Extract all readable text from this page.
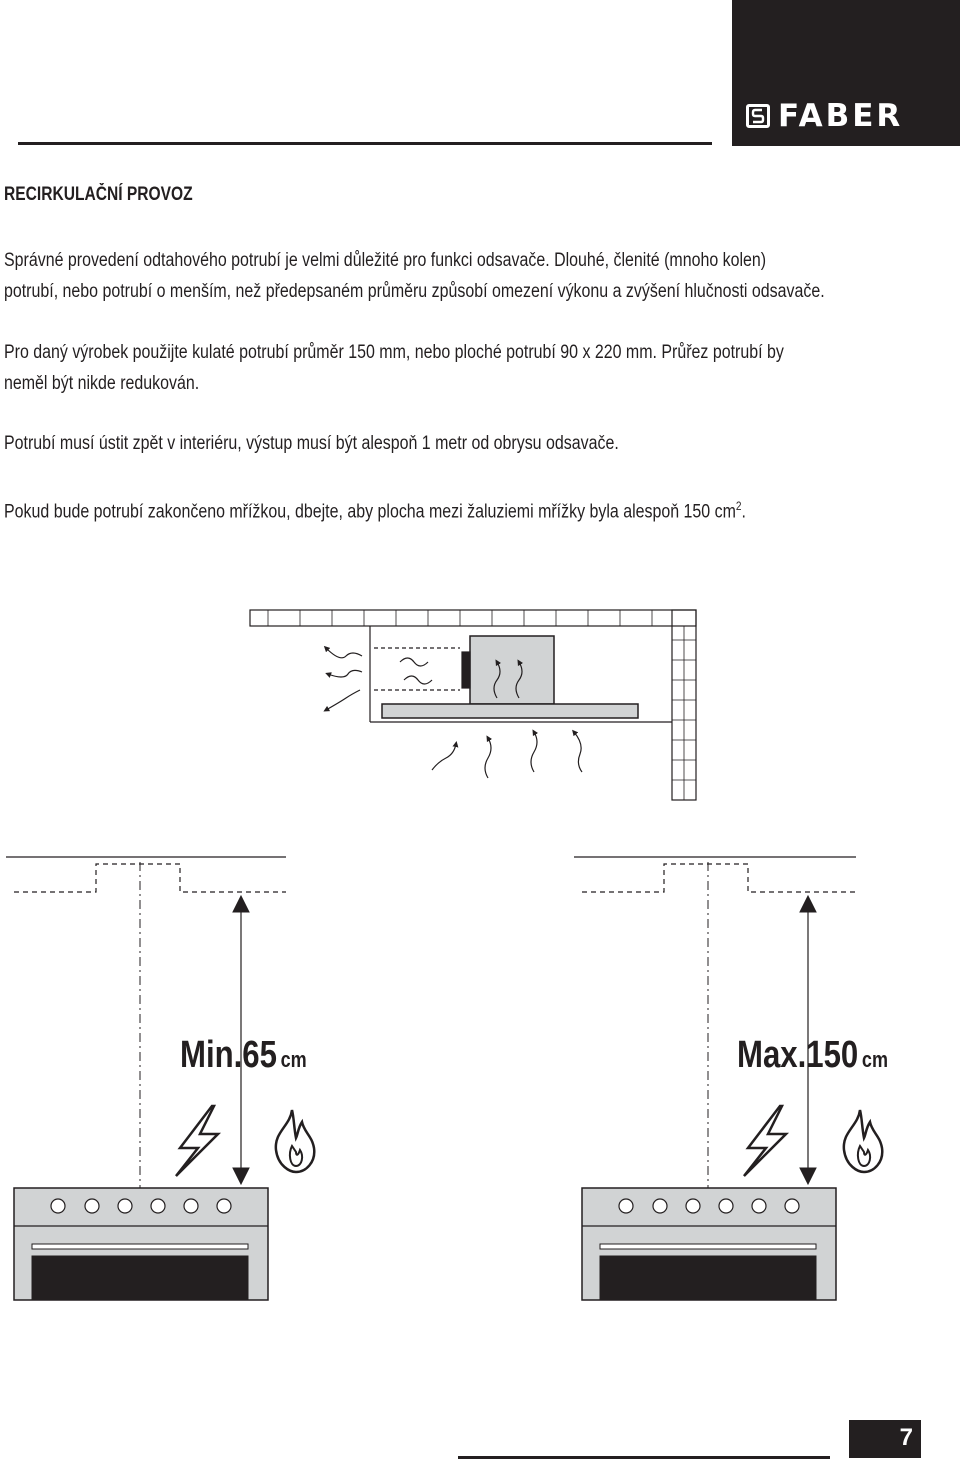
FABER
RECIRKULAČNÍ PROVOZ
Správné provedení odtahového potrubí je velmi důležité pro funkci odsavače. Dlouhé, členité (mnoho kolen)
potrubí, nebo potrubí o menším, než předepsaném průměru způsobí omezení výkonu a zvýšení hlučnosti odsavače.
Pro daný výrobek použijte kulaté potrubí průměr 150 mm, nebo ploché potrubí 90 x 220 mm. Průřez potrubí by
neměl být nikde redukován.
Potrubí musí ústit zpět v interiéru, výstup musí být alespoň 1 metr od obrysu odsavače.
Pokud bude potrubí zakončeno mřížkou, dbejte, aby plocha mezi žaluziemi mřížky byla alespoň 150 $cm^2$.
Min.65 cm	Max.150 cm
7
